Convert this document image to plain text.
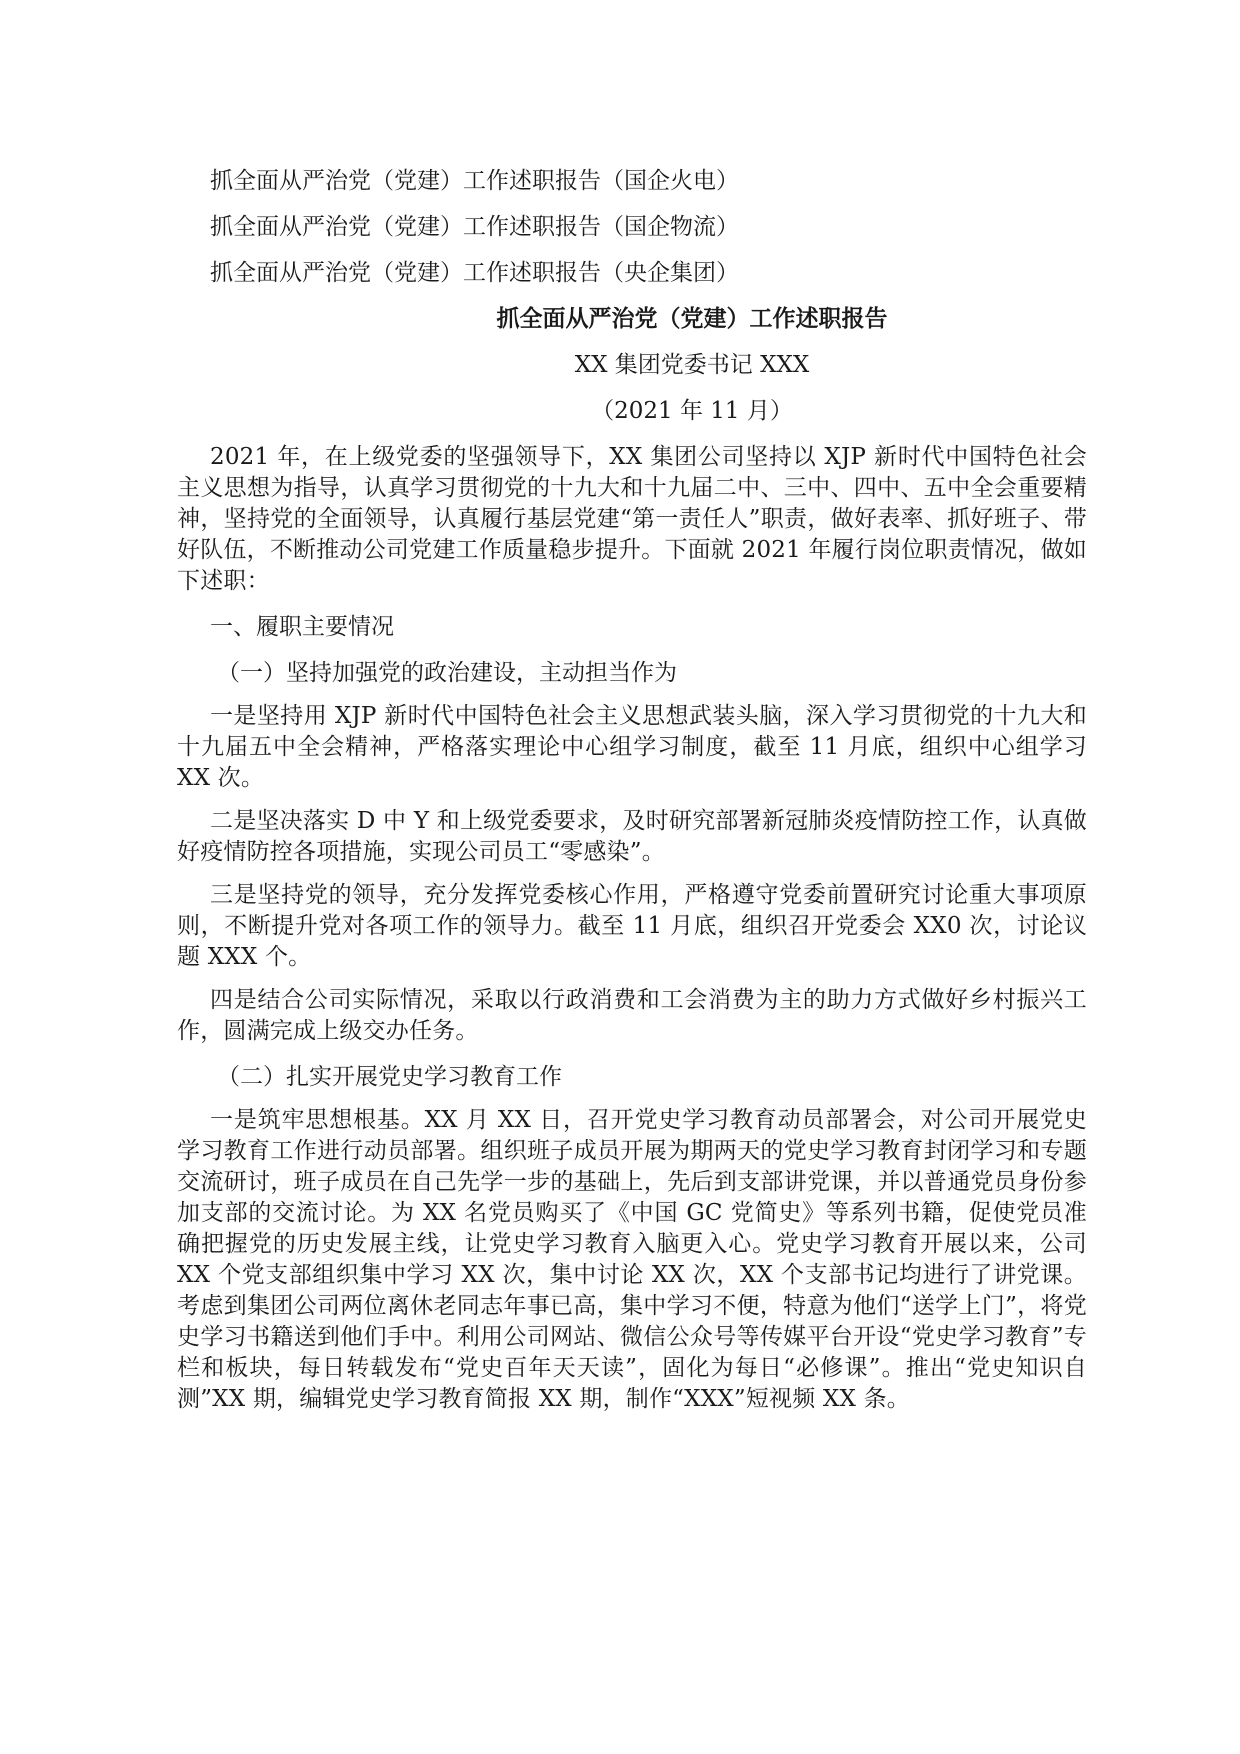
抓全面从严治党（党建）工作述职报告（国企火电）

抓全面从严治党（党建）工作述职报告（国企物流）

抓全面从严治党（党建）工作述职报告（央企集团）

抓全面从严治党（党建）工作述职报告

XX 集团党委书记 XXX

（2021 年 11 月）

2021 年，在上级党委的坚强领导下，XX 集团公司坚持以 XJP 新时代中国特色社会主义思想为指导，认真学习贯彻党的十九大和十九届二中、三中、四中、五中全会重要精神，坚持党的全面领导，认真履行基层党建“第一责任人”职责，做好表率、抓好班子、带好队伍，不断推动公司党建工作质量稳步提升。下面就 2021 年履行岗位职责情况，做如下述职：

一、履职主要情况

（一）坚持加强党的政治建设，主动担当作为

一是坚持用 XJP 新时代中国特色社会主义思想武装头脑，深入学习贯彻党的十九大和十九届五中全会精神，严格落实理论中心组学习制度，截至 11 月底，组织中心组学习 XX 次。

二是坚决落实 D 中 Y 和上级党委要求，及时研究部署新冠肺炎疫情防控工作，认真做好疫情防控各项措施，实现公司员工“零感染”。

三是坚持党的领导，充分发挥党委核心作用，严格遵守党委前置研究讨论重大事项原则，不断提升党对各项工作的领导力。截至 11 月底，组织召开党委会 XX0 次，讨论议题 XXX 个。

四是结合公司实际情况，采取以行政消费和工会消费为主的助力方式做好乡村振兴工作，圆满完成上级交办任务。

（二）扎实开展党史学习教育工作

一是筑牢思想根基。XX 月 XX 日，召开党史学习教育动员部署会，对公司开展党史学习教育工作进行动员部署。组织班子成员开展为期两天的党史学习教育封闭学习和专题交流研讨，班子成员在自己先学一步的基础上，先后到支部讲党课，并以普通党员身份参加支部的交流讨论。为 XX 名党员购买了《中国 GC 党简史》等系列书籍，促使党员准确把握党的历史发展主线，让党史学习教育入脑更入心。党史学习教育开展以来，公司 XX 个党支部组织集中学习 XX 次，集中讨论 XX 次，XX 个支部书记均进行了讲党课。考虑到集团公司两位离休老同志年事已高，集中学习不便，特意为他们“送学上门”，将党史学习书籍送到他们手中。利用公司网站、微信公众号等传媒平台开设“党史学习教育”专栏和板块，每日转载发布“党史百年天天读”，固化为每日“必修课”。推出“党史知识自测”XX 期，编辑党史学习教育简报 XX 期，制作“XXX”短视频 XX 条。
